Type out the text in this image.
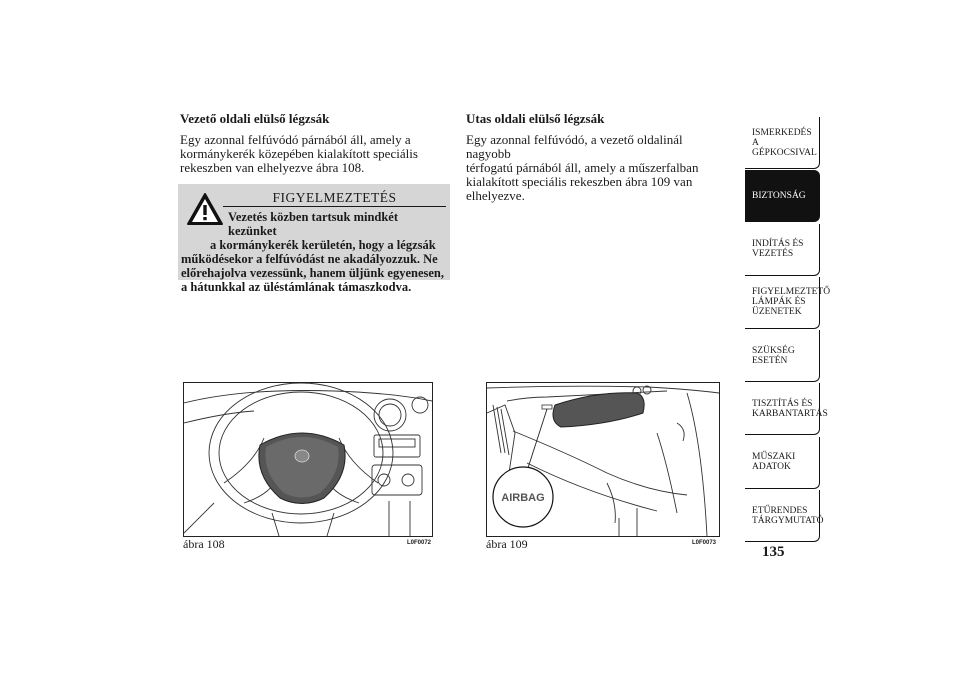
Vezető oldali elülső légzsák

Egy azonnal felfúvódó párnából áll, amely a
kormánykerék közepében kialakított speciális
rekeszben van elhelyezve ábra 108.

FIGYELMEZTETÉS
Vezetés közben tartsuk mindkét kezünket
a kormánykerék kerületén, hogy a légzsák
működésekor a felfúvódást ne akadályozzuk. Ne
előrehajolva vezessünk, hanem üljünk egyenesen,
a hátunkkal az üléstámlának támaszkodva.

Utas oldali elülső légzsák

Egy azonnal felfúvódó, a vezető oldalinál nagyobb
térfogatú párnából áll, amely a műszerfalban
kialakított speciális rekeszben ábra 109 van
elhelyezve.

ábra 108	L0F0072
AIRBAG
ábra 109	L0F0073
ISMERKEDÉS A
GÉPKOCSIVAL
BIZTONSÁG
INDÍTÁS ÉS
VEZETÉS
FIGYELMEZTETŐ
LÁMPÁK ÉS
ÜZENETEK
SZÜKSÉG ESETÉN
TISZTÍTÁS ÉS
KARBANTARTÁS
MŰSZAKI ADATOK
ETŰRENDES
TÁRGYMUTATÓ
135
